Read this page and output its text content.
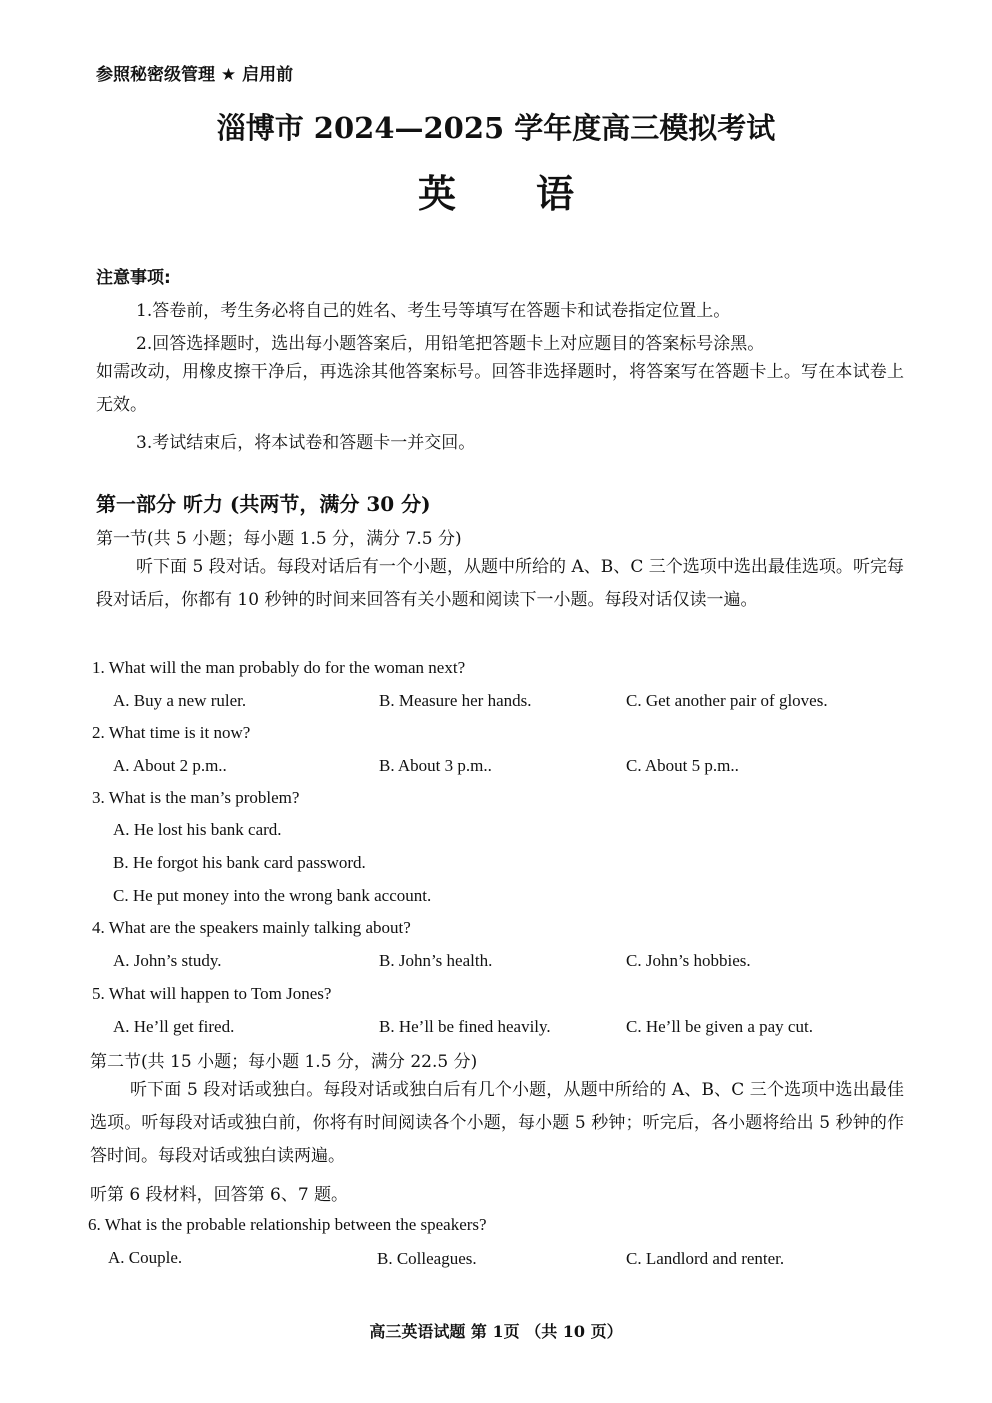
参照秘密级管理 ★ 启用前
淄博市 2024—2025 学年度高三模拟考试
英语
注意事项:
1.答卷前，考生务必将自己的姓名、考生号等填写在答题卡和试卷指定位置上。
2.回答选择题时，选出每小题答案后，用铅笔把答题卡上对应题目的答案标号涂黑。
如需改动，用橡皮擦干净后，再选涂其他答案标号。回答非选择题时，将答案写在答题卡上。写在本试卷上无效。
3.考试结束后，将本试卷和答题卡一并交回。
第一部分 听力 (共两节，满分 30 分)
第一节(共 5 小题；每小题 1.5 分，满分 7.5 分)
听下面 5 段对话。每段对话后有一个小题，从题中所给的 A、B、C 三个选项中选出最佳选项。听完每段对话后，你都有 10 秒钟的时间来回答有关小题和阅读下一小题。每段对话仅读一遍。
1. What will the man probably do for the woman next?
A. Buy a new ruler.	B. Measure her hands.	C. Get another pair of gloves.
2. What time is it now?
A. About 2 p.m..	B. About 3 p.m..	C. About 5 p.m..
3. What is the man’s problem?
A. He lost his bank card.
B. He forgot his bank card password.
C. He put money into the wrong bank account.
4. What are the speakers mainly talking about?
A. John’s study.	B. John’s health.	C. John’s hobbies.
5. What will happen to Tom Jones?
A. He’ll get fired.	B. He’ll be fined heavily.	C. He’ll be given a pay cut.
第二节(共 15 小题；每小题 1.5 分，满分 22.5 分)
听下面 5 段对话或独白。每段对话或独白后有几个小题，从题中所给的 A、B、C 三个选项中选出最佳选项。听每段对话或独白前，你将有时间阅读各个小题，每小题 5 秒钟；听完后，各小题将给出 5 秒钟的作答时间。每段对话或独白读两遍。
听第 6 段材料，回答第 6、7 题。
6. What is the probable relationship between the speakers?
A. Couple.	B. Colleagues.	C. Landlord and renter.
高三英语试题 第 1页 （共 10 页）
